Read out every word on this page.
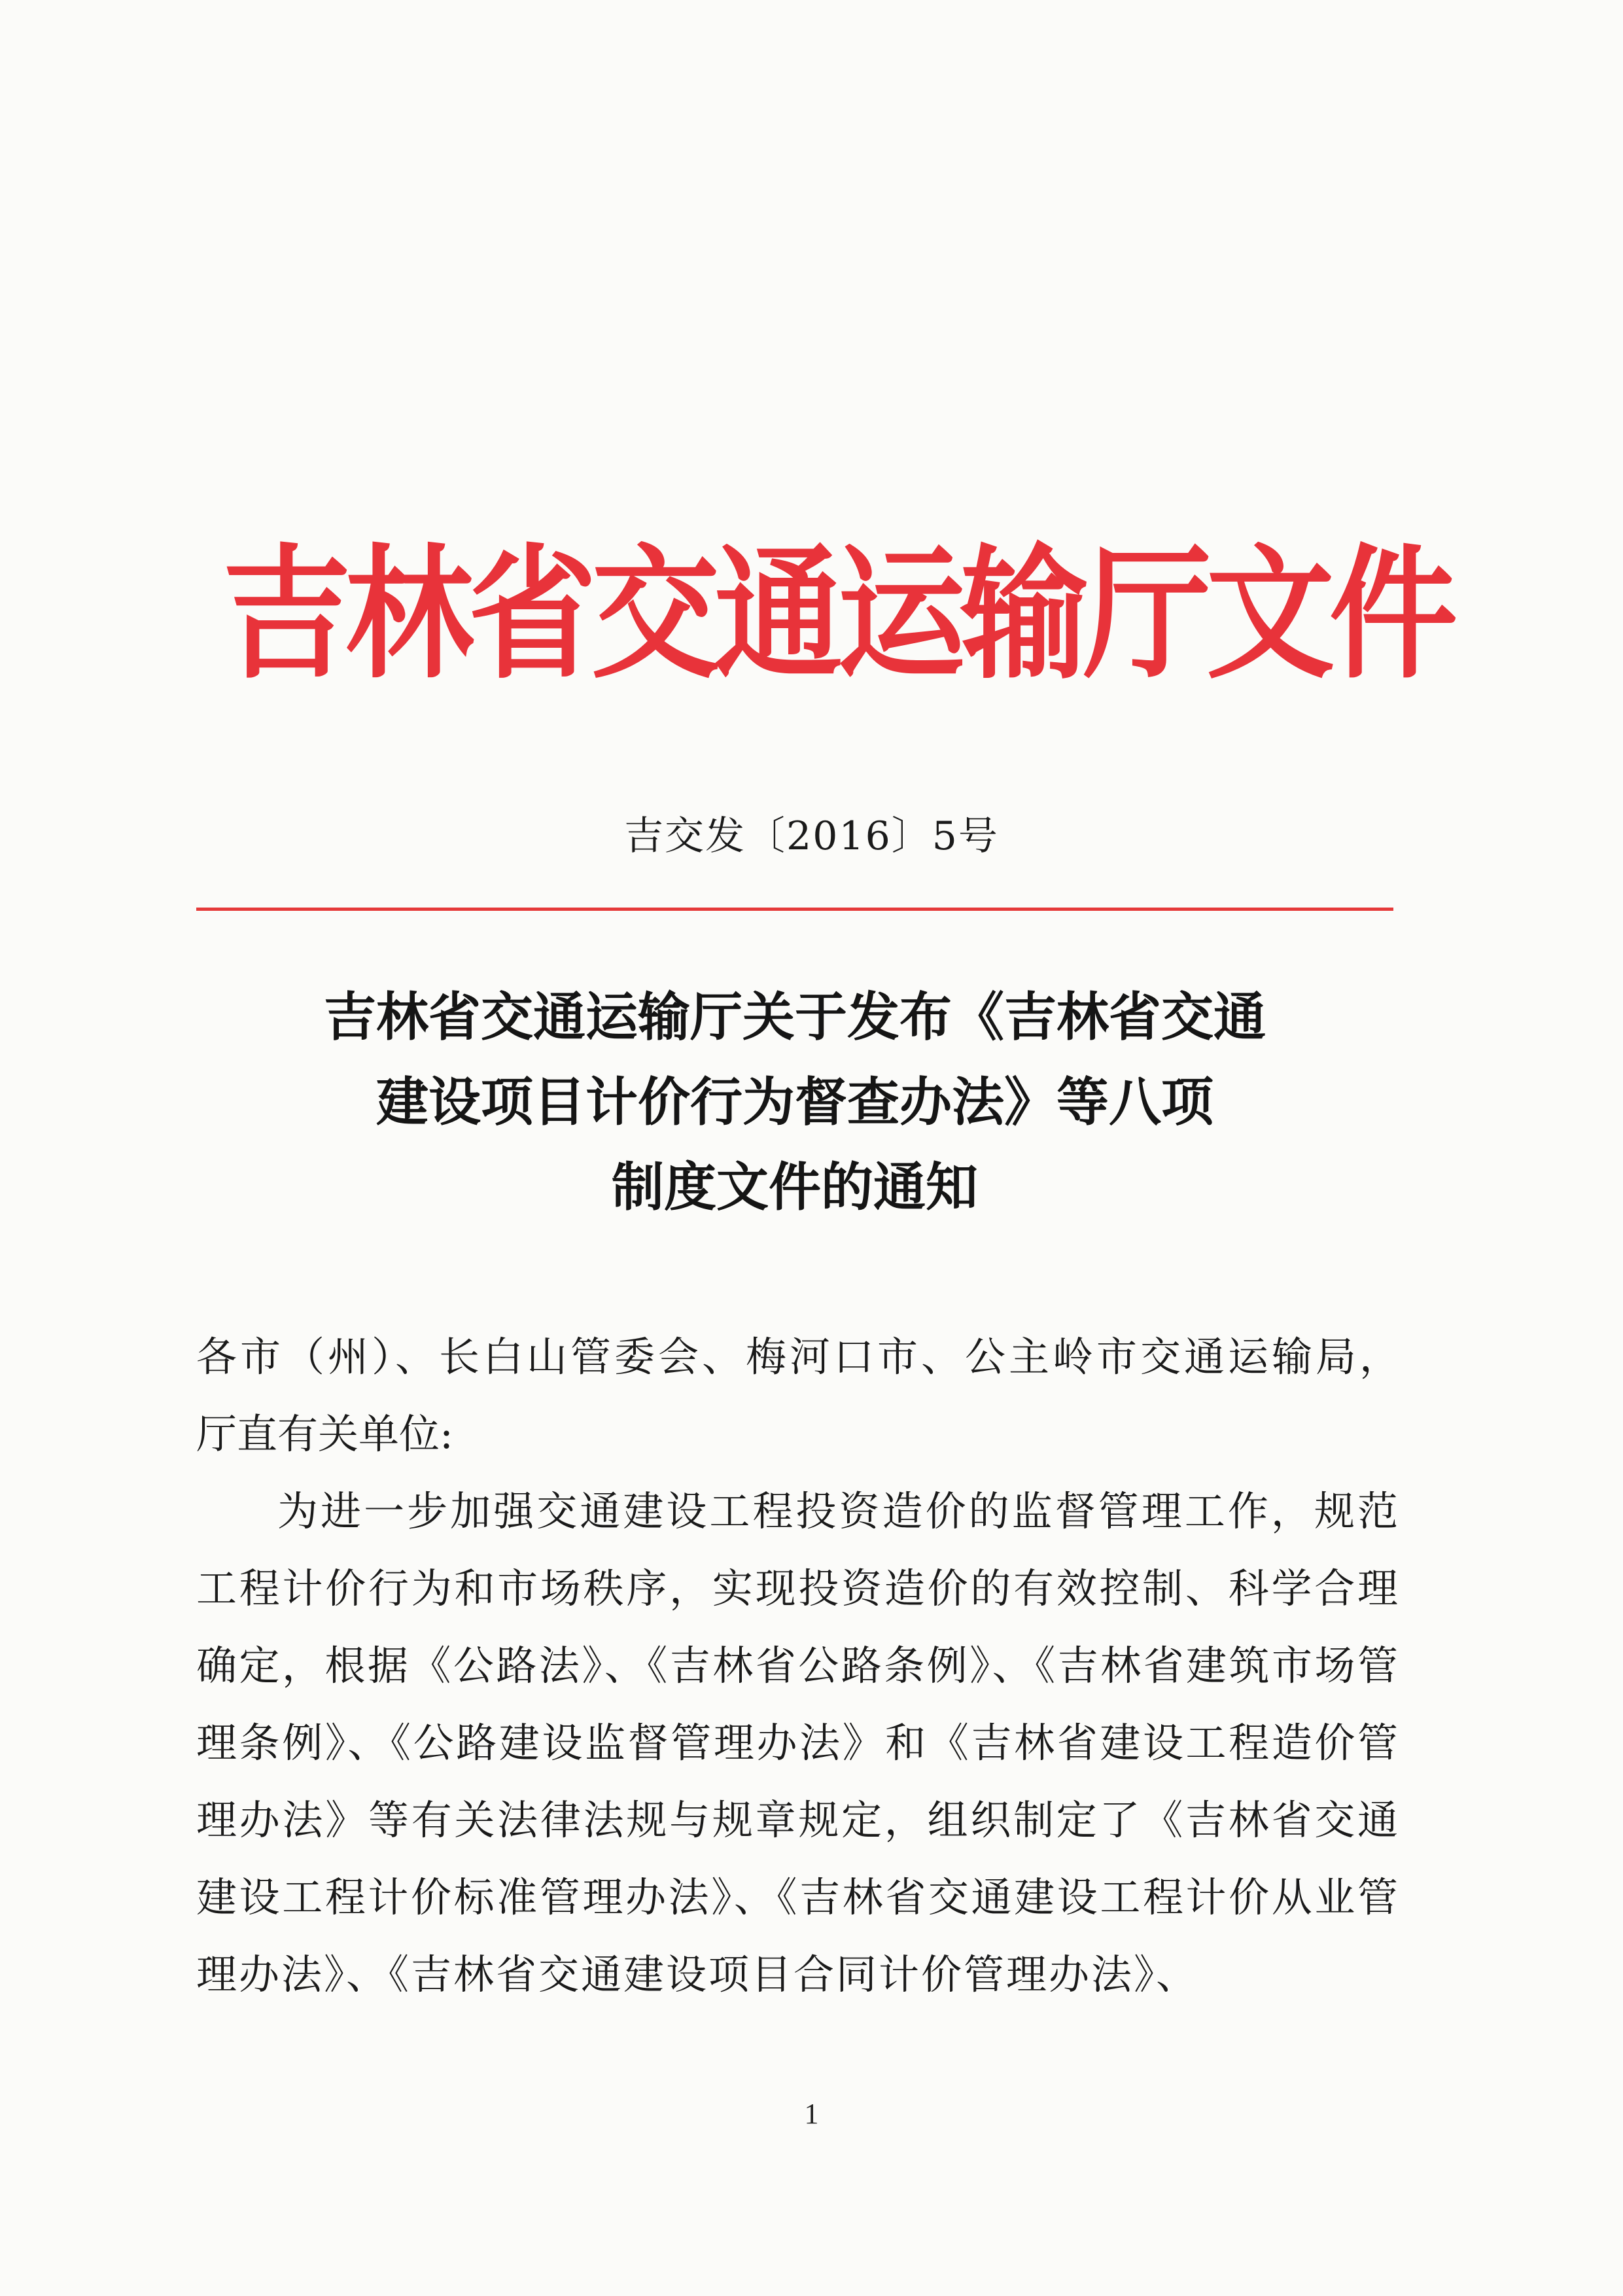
吉林省交通运输厅文件
吉交发〔2016〕5号
吉林省交通运输厅关于发布《吉林省交通
建设项目计价行为督查办法》等八项
制度文件的通知

各市（州）、长白山管委会、梅河口市、公主岭市交通运输局，

厅直有关单位:

为进一步加强交通建设工程投资造价的监督管理工作，规范工程计价行为和市场秩序，实现投资造价的有效控制、科学合理确定，根据《公路法》、《吉林省公路条例》、《吉林省建筑市场管理条例》、《公路建设监督管理办法》和《吉林省建设工程造价管理办法》等有关法律法规与规章规定，组织制定了《吉林省交通建设工程计价标准管理办法》、《吉林省交通建设工程计价从业管理办法》、《吉林省交通建设项目合同计价管理办法》、

1
